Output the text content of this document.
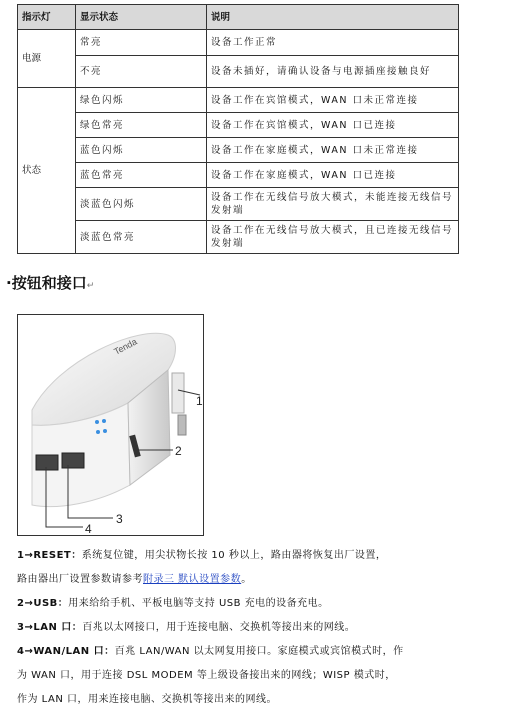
指示灯	显示状态	说明
电源	常亮	设备工作正常
	不亮	设备未插好，请确认设备与电源插座接触良好
状态	绿色闪烁	设备工作在宾馆模式，WAN 口未正常连接
	绿色常亮	设备工作在宾馆模式，WAN 口已连接
	蓝色闪烁	设备工作在家庭模式，WAN 口未正常连接
	蓝色常亮	设备工作在家庭模式，WAN 口已连接
	淡蓝色闪烁	设备工作在无线信号放大模式，未能连接无线信号发射端
	淡蓝色常亮	设备工作在无线信号放大模式，且已连接无线信号发射端
·按钮和接口↵
Tenda
1
2
3
4
1→RESET：系统复位键，用尖状物长按 10 秒以上，路由器将恢复出厂设置，
路由器出厂设置参数请参考附录三 默认设置参数。
2→USB：用来给给手机、平板电脑等支持 USB 充电的设备充电。
3→LAN 口：百兆以太网接口，用于连接电脑、交换机等接出来的网线。
4→WAN/LAN 口：百兆 LAN/WAN 以太网复用接口。家庭模式或宾馆模式时，作
为 WAN 口，用于连接 DSL MODEM 等上级设备接出来的网线；WISP 模式时，
作为 LAN 口，用来连接电脑、交换机等接出来的网线。
